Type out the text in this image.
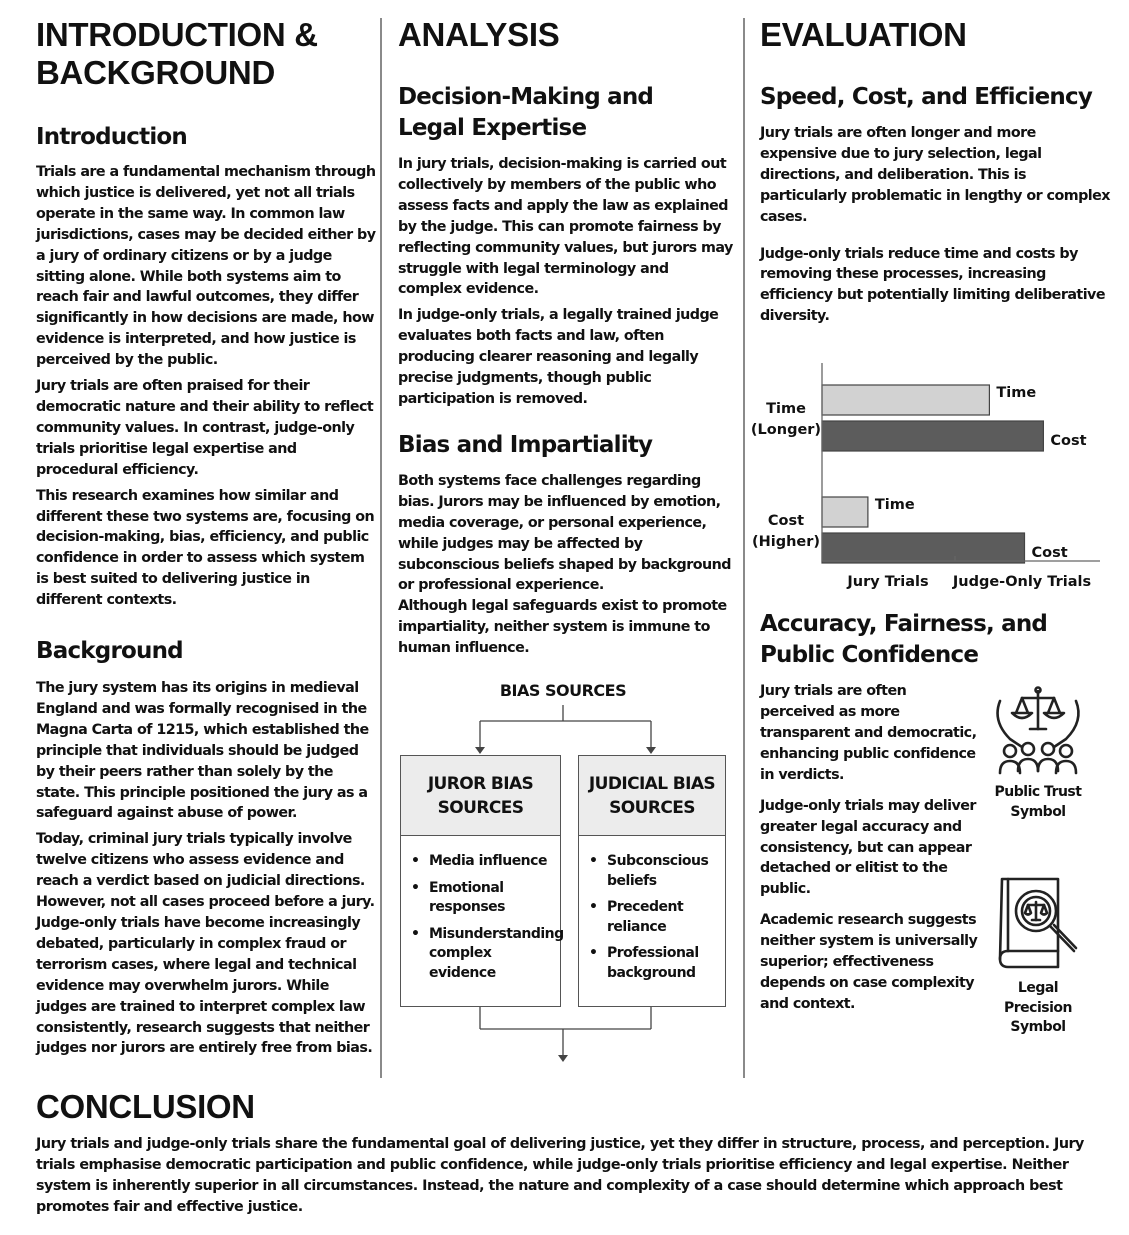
INTRODUCTION & BACKGROUND
Introduction

Trials are a fundamental mechanism through which justice is delivered, yet not all trials operate in the same way. In common law jurisdictions, cases may be decided either by a jury of ordinary citizens or by a judge sitting alone. While both systems aim to reach fair and lawful outcomes, they differ significantly in how decisions are made, how evidence is interpreted, and how justice is perceived by the public.

Jury trials are often praised for their democratic nature and their ability to reflect community values. In contrast, judge-only trials prioritise legal expertise and procedural efficiency.

This research examines how similar and different these two systems are, focusing on decision-making, bias, efficiency, and public confidence in order to assess which system is best suited to delivering justice in different contexts.

Background

The jury system has its origins in medieval England and was formally recognised in the Magna Carta of 1215, which established the principle that individuals should be judged by their peers rather than solely by the state. This principle positioned the jury as a safeguard against abuse of power.

Today, criminal jury trials typically involve twelve citizens who assess evidence and reach a verdict based on judicial directions. However, not all cases proceed before a jury. Judge-only trials have become increasingly debated, particularly in complex fraud or terrorism cases, where legal and technical evidence may overwhelm jurors. While judges are trained to interpret complex law consistently, research suggests that neither judges nor jurors are entirely free from bias.

ANALYSIS
Decision-Making and Legal Expertise

In jury trials, decision-making is carried out collectively by members of the public who assess facts and apply the law as explained by the judge. This can promote fairness by reflecting community values, but jurors may struggle with legal terminology and complex evidence.

In judge-only trials, a legally trained judge evaluates both facts and law, often producing clearer reasoning and legally precise judgments, though public participation is removed.

Bias and Impartiality

Both systems face challenges regarding bias. Jurors may be influenced by emotion, media coverage, or personal experience, while judges may be affected by subconscious beliefs shaped by background or professional experience.

Although legal safeguards exist to promote impartiality, neither system is immune to human influence.

BIAS SOURCES
JUROR BIAS SOURCES
• Media influence
• Emotional responses
• Misunderstanding complex evidence
JUDICIAL BIAS SOURCES
• Subconscious beliefs
• Precedent reliance
• Professional background
EVALUATION
Speed, Cost, and Efficiency

Jury trials are often longer and more expensive due to jury selection, legal directions, and deliberation. This is particularly problematic in lengthy or complex cases.

Judge-only trials reduce time and costs by removing these processes, increasing efficiency but potentially limiting deliberative diversity.

Time
(Longer)
Time
Cost
Cost
(Higher)
Time
Cost
Jury Trials Judge-Only Trials
Accuracy, Fairness, and Public Confidence

Jury trials are often perceived as more transparent and democratic, enhancing public confidence in verdicts.

Judge-only trials may deliver greater legal accuracy and consistency, but can appear detached or elitist to the public.

Academic research suggests neither system is universally superior; effectiveness depends on case complexity and context.

Public Trust Symbol
Legal Precision Symbol
CONCLUSION

Jury trials and judge-only trials share the fundamental goal of delivering justice, yet they differ in structure, process, and perception. Jury trials emphasise democratic participation and public confidence, while judge-only trials prioritise efficiency and legal expertise. Neither system is inherently superior in all circumstances. Instead, the nature and complexity of a case should determine which approach best promotes fair and effective justice.
